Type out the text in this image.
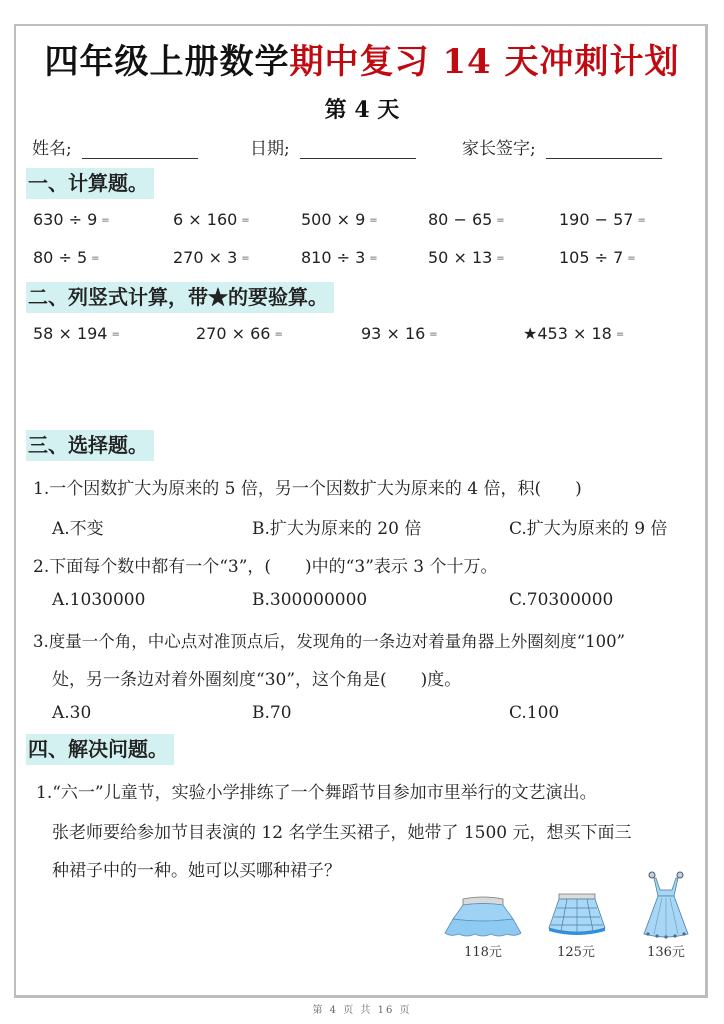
四年级上册数学期中复习 14 天冲刺计划
第 4 天
姓名;	日期;	家长签字;
一、计算题。
630 ÷ 9 =	6 × 160 =	500 × 9 =	80 − 65 =	190 − 57 =
80 ÷ 5 =	270 × 3 =	810 ÷ 3 =	50 × 13 =	105 ÷ 7 =
二、列竖式计算，带★的要验算。
58 × 194 =	270 × 66 =	93 × 16 =	★453 × 18 =
三、选择题。
1.一个因数扩大为原来的 5 倍，另一个因数扩大为原来的 4 倍，积(　　)
A.不变	B.扩大为原来的 20 倍	C.扩大为原来的 9 倍
2.下面每个数中都有一个“3”，(　　)中的“3”表示 3 个十万。
A.1030000	B.300000000	C.70300000
3.度量一个角，中心点对准顶点后，发现角的一条边对着量角器上外圈刻度“100”
处，另一条边对着外圈刻度“30”，这个角是(　　)度。
A.30	B.70	C.100
四、解决问题。
1.“六一”儿童节，实验小学排练了一个舞蹈节目参加市里举行的文艺演出。
张老师要给参加节目表演的 12 名学生买裙子，她带了 1500 元，想买下面三
种裙子中的一种。她可以买哪种裙子？
118元	125元	136元
第 4 页 共 16 页
